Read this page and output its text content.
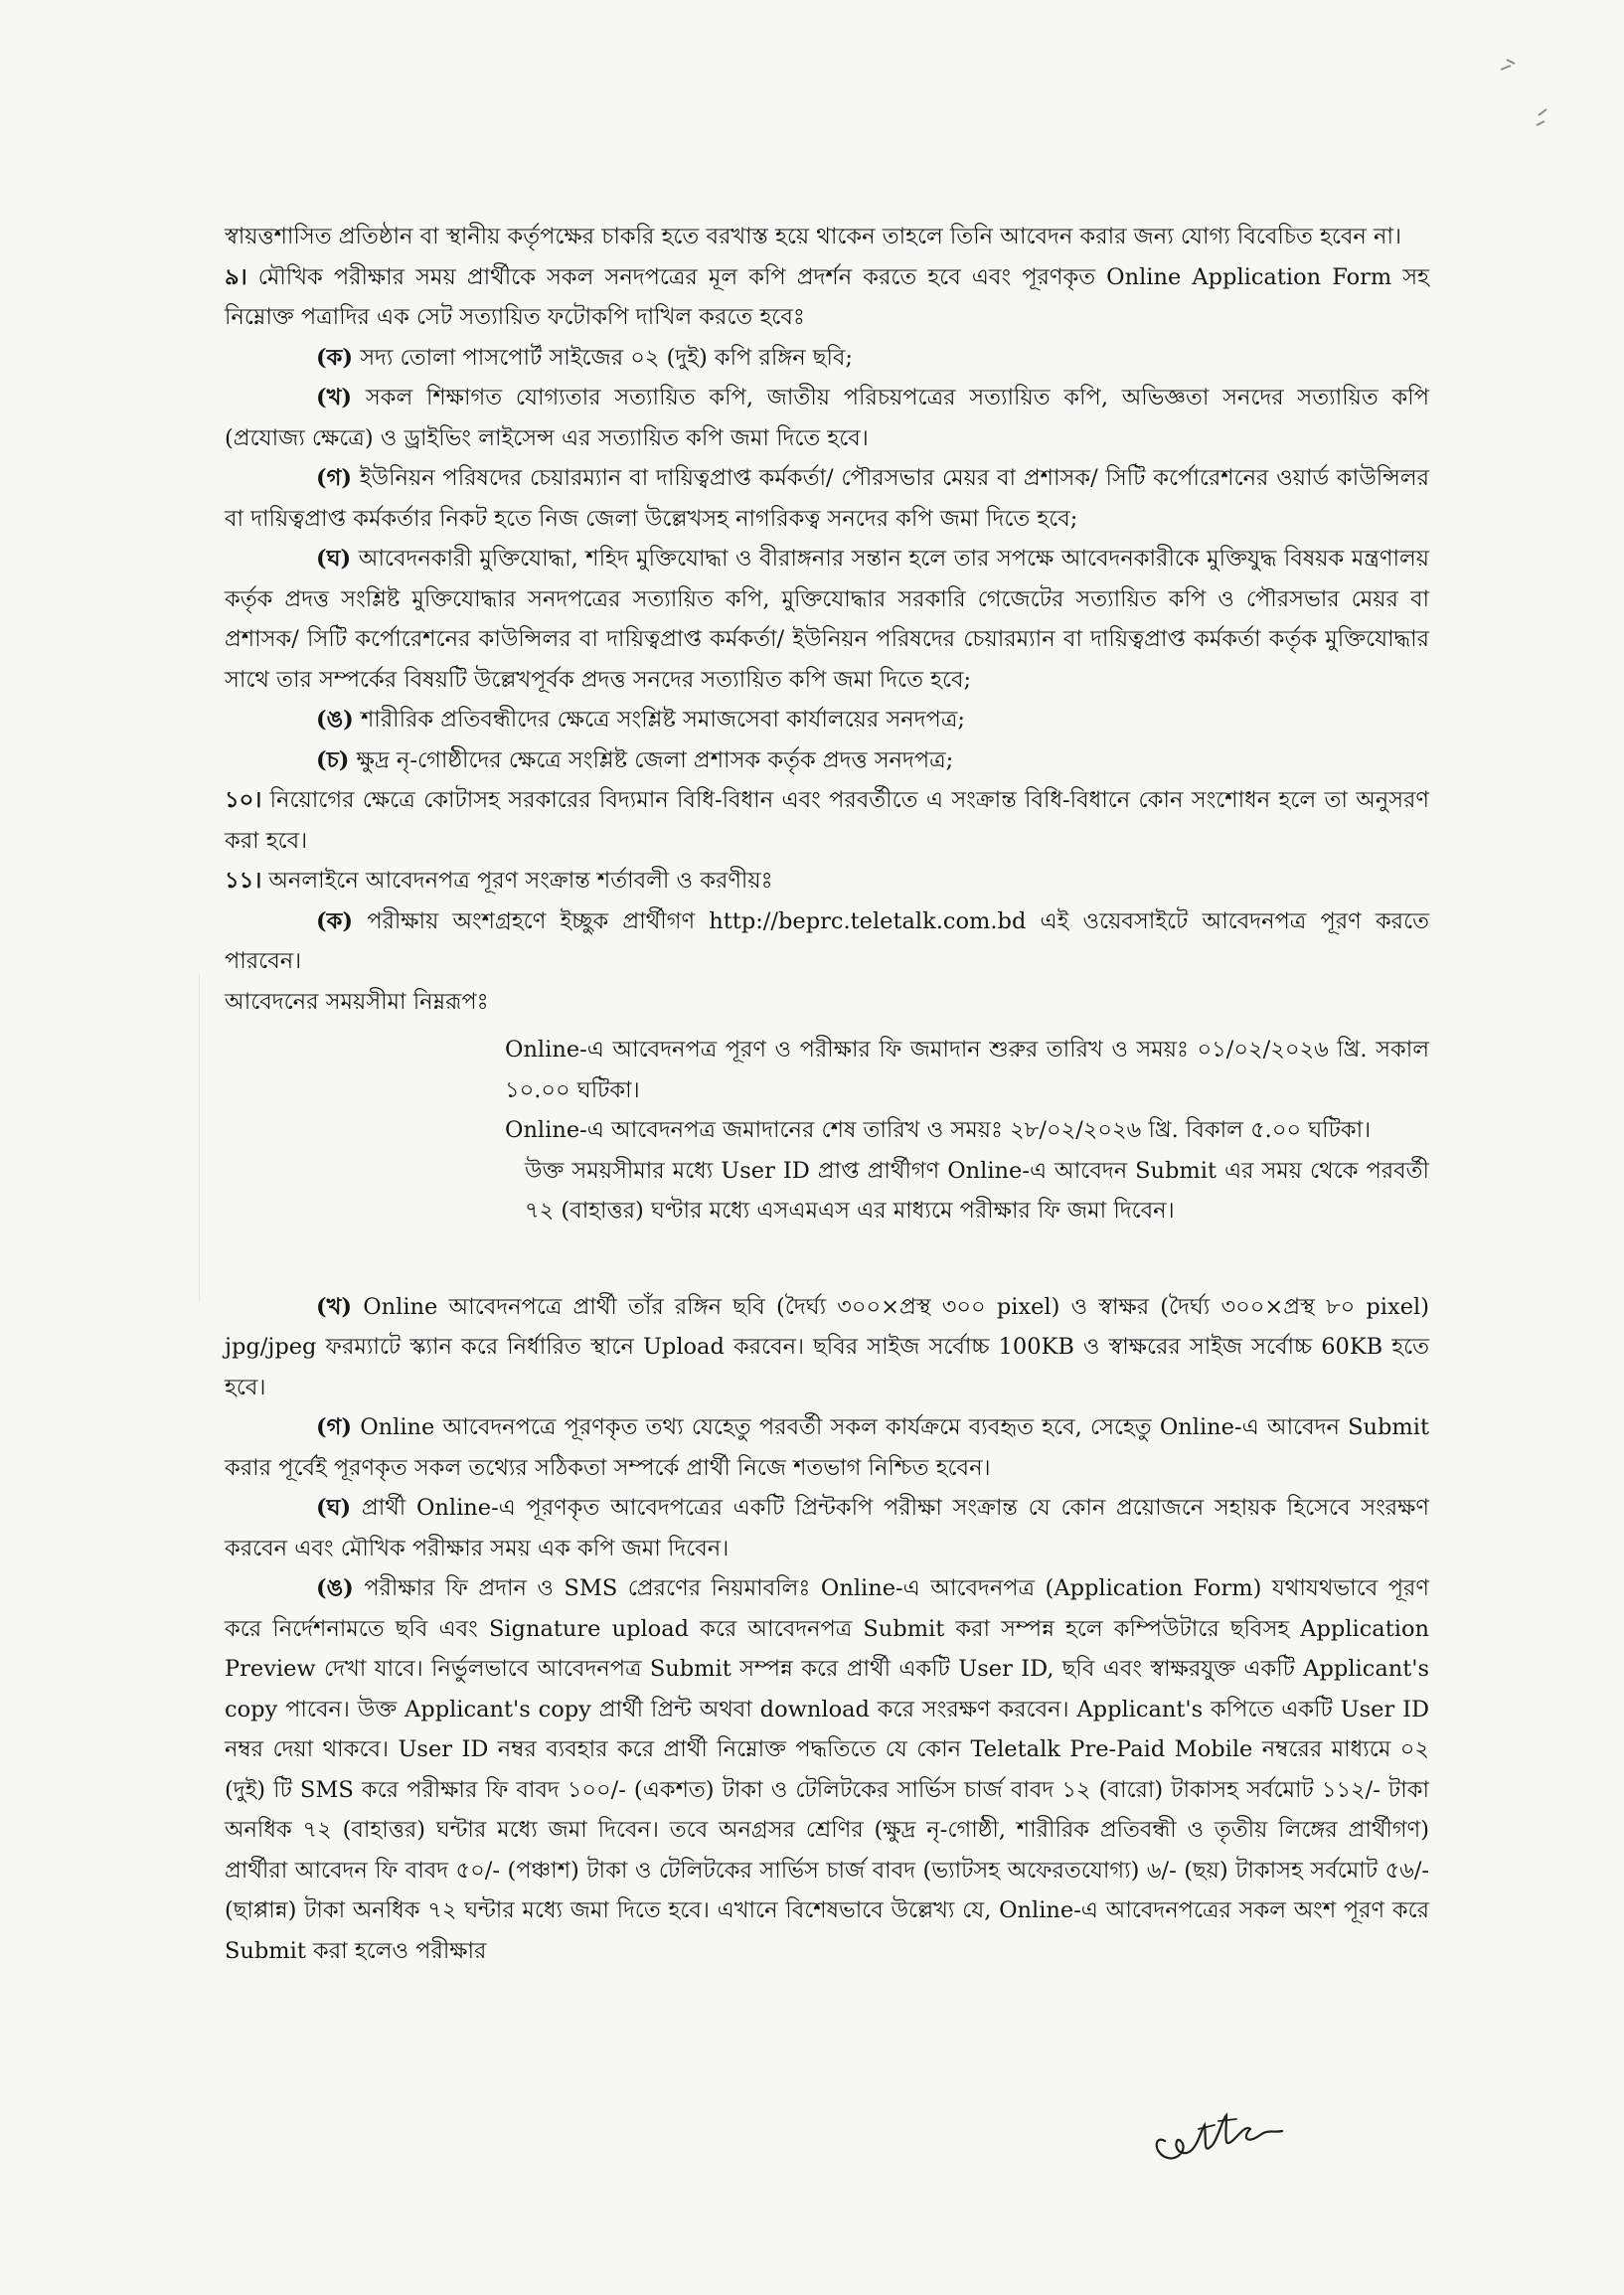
স্বায়ত্তশাসিত প্রতিষ্ঠান বা স্থানীয় কর্তৃপক্ষের চাকরি হতে বরখাস্ত হয়ে থাকেন তাহলে তিনি আবেদন করার জন্য যোগ্য বিবেচিত হবেন না।

৯। মৌখিক পরীক্ষার সময় প্রার্থীকে সকল সনদপত্রের মূল কপি প্রদর্শন করতে হবে এবং পূরণকৃত Online Application Form সহ নিম্নোক্ত পত্রাদির এক সেট সত্যায়িত ফটোকপি দাখিল করতে হবেঃ

(ক) সদ্য তোলা পাসপোর্ট সাইজের ০২ (দুই) কপি রঙ্গিন ছবি;

(খ) সকল শিক্ষাগত যোগ্যতার সত্যায়িত কপি, জাতীয় পরিচয়পত্রের সত্যায়িত কপি, অভিজ্ঞতা সনদের সত্যায়িত কপি (প্রযোজ্য ক্ষেত্রে) ও ড্রাইভিং লাইসেন্স এর সত্যায়িত কপি জমা দিতে হবে।

(গ) ইউনিয়ন পরিষদের চেয়ারম্যান বা দায়িত্বপ্রাপ্ত কর্মকর্তা/ পৌরসভার মেয়র বা প্রশাসক/ সিটি কর্পোরেশনের ওয়ার্ড কাউন্সিলর বা দায়িত্বপ্রাপ্ত কর্মকর্তার নিকট হতে নিজ জেলা উল্লেখসহ নাগরিকত্ব সনদের কপি জমা দিতে হবে;

(ঘ) আবেদনকারী মুক্তিযোদ্ধা, শহিদ মুক্তিযোদ্ধা ও বীরাঙ্গনার সন্তান হলে তার সপক্ষে আবেদনকারীকে মুক্তিযুদ্ধ বিষয়ক মন্ত্রণালয় কর্তৃক প্রদত্ত সংশ্লিষ্ট মুক্তিযোদ্ধার সনদপত্রের সত্যায়িত কপি, মুক্তিযোদ্ধার সরকারি গেজেটের সত্যায়িত কপি ও পৌরসভার মেয়র বা প্রশাসক/ সিটি কর্পোরেশনের কাউন্সিলর বা দায়িত্বপ্রাপ্ত কর্মকর্তা/ ইউনিয়ন পরিষদের চেয়ারম্যান বা দায়িত্বপ্রাপ্ত কর্মকর্তা কর্তৃক মুক্তিযোদ্ধার সাথে তার সম্পর্কের বিষয়টি উল্লেখপূর্বক প্রদত্ত সনদের সত্যায়িত কপি জমা দিতে হবে;

(ঙ) শারীরিক প্রতিবন্ধীদের ক্ষেত্রে সংশ্লিষ্ট সমাজসেবা কার্যালয়ের সনদপত্র;

(চ) ক্ষুদ্র নৃ-গোষ্ঠীদের ক্ষেত্রে সংশ্লিষ্ট জেলা প্রশাসক কর্তৃক প্রদত্ত সনদপত্র;

১০। নিয়োগের ক্ষেত্রে কোটাসহ সরকারের বিদ্যমান বিধি-বিধান এবং পরবর্তীতে এ সংক্রান্ত বিধি-বিধানে কোন সংশোধন হলে তা অনুসরণ করা হবে।

১১। অনলাইনে আবেদনপত্র পূরণ সংক্রান্ত শর্তাবলী ও করণীয়ঃ

(ক) পরীক্ষায় অংশগ্রহণে ইচ্ছুক প্রার্থীগণ http://beprc.teletalk.com.bd এই ওয়েবসাইটে আবেদনপত্র পূরণ করতে পারবেন।

আবেদনের সময়সীমা নিম্নরূপঃ

Online-এ আবেদনপত্র পূরণ ও পরীক্ষার ফি জমাদান শুরুর তারিখ ও সময়ঃ ০১/০২/২০২৬ খ্রি. সকাল ১০.০০ ঘটিকা।

Online-এ আবেদনপত্র জমাদানের শেষ তারিখ ও সময়ঃ ২৮/০২/২০২৬ খ্রি. বিকাল ৫.০০ ঘটিকা।

উক্ত সময়সীমার মধ্যে User ID প্রাপ্ত প্রার্থীগণ Online-এ আবেদন Submit এর সময় থেকে পরবর্তী ৭২ (বাহাত্তর) ঘণ্টার মধ্যে এসএমএস এর মাধ্যমে পরীক্ষার ফি জমা দিবেন।

(খ) Online আবেদনপত্রে প্রার্থী তাঁর রঙ্গিন ছবি (দৈর্ঘ্য ৩০০×প্রস্থ ৩০০ pixel) ও স্বাক্ষর (দৈর্ঘ্য ৩০০×প্রস্থ ৮০ pixel) jpg/jpeg ফরম্যাটে স্ক্যান করে নির্ধারিত স্থানে Upload করবেন। ছবির সাইজ সর্বোচ্চ 100KB ও স্বাক্ষরের সাইজ সর্বোচ্চ 60KB হতে হবে।

(গ) Online আবেদনপত্রে পূরণকৃত তথ্য যেহেতু পরবর্তী সকল কার্যক্রমে ব্যবহৃত হবে, সেহেতু Online-এ আবেদন Submit করার পূর্বেই পূরণকৃত সকল তথ্যের সঠিকতা সম্পর্কে প্রার্থী নিজে শতভাগ নিশ্চিত হবেন।

(ঘ) প্রার্থী Online-এ পূরণকৃত আবেদপত্রের একটি প্রিন্টকপি পরীক্ষা সংক্রান্ত যে কোন প্রয়োজনে সহায়ক হিসেবে সংরক্ষণ করবেন এবং মৌখিক পরীক্ষার সময় এক কপি জমা দিবেন।

(ঙ) পরীক্ষার ফি প্রদান ও SMS প্রেরণের নিয়মাবলিঃ Online-এ আবেদনপত্র (Application Form) যথাযথভাবে পূরণ করে নির্দেশনামতে ছবি এবং Signature upload করে আবেদনপত্র Submit করা সম্পন্ন হলে কম্পিউটারে ছবিসহ Application Preview দেখা যাবে। নির্ভুলভাবে আবেদনপত্র Submit সম্পন্ন করে প্রার্থী একটি User ID, ছবি এবং স্বাক্ষরযুক্ত একটি Applicant's copy পাবেন। উক্ত Applicant's copy প্রার্থী প্রিন্ট অথবা download করে সংরক্ষণ করবেন। Applicant's কপিতে একটি User ID নম্বর দেয়া থাকবে। User ID নম্বর ব্যবহার করে প্রার্থী নিম্নোক্ত পদ্ধতিতে যে কোন Teletalk Pre-Paid Mobile নম্বরের মাধ্যমে ০২ (দুই) টি SMS করে পরীক্ষার ফি বাবদ ১০০/- (একশত) টাকা ও টেলিটকের সার্ভিস চার্জ বাবদ ১২ (বারো) টাকাসহ সর্বমোট ১১২/- টাকা অনধিক ৭২ (বাহাত্তর) ঘন্টার মধ্যে জমা দিবেন। তবে অনগ্রসর শ্রেণির (ক্ষুদ্র নৃ-গোষ্ঠী, শারীরিক প্রতিবন্ধী ও তৃতীয় লিঙ্গের প্রার্থীগণ) প্রার্থীরা আবেদন ফি বাবদ ৫০/- (পঞ্চাশ) টাকা ও টেলিটকের সার্ভিস চার্জ বাবদ (ভ্যাটসহ অফেরতযোগ্য) ৬/- (ছয়) টাকাসহ সর্বমোট ৫৬/- (ছাপ্পান্ন) টাকা অনধিক ৭২ ঘন্টার মধ্যে জমা দিতে হবে। এখানে বিশেষভাবে উল্লেখ্য যে, Online-এ আবেদনপত্রের সকল অংশ পূরণ করে Submit করা হলেও পরীক্ষার
